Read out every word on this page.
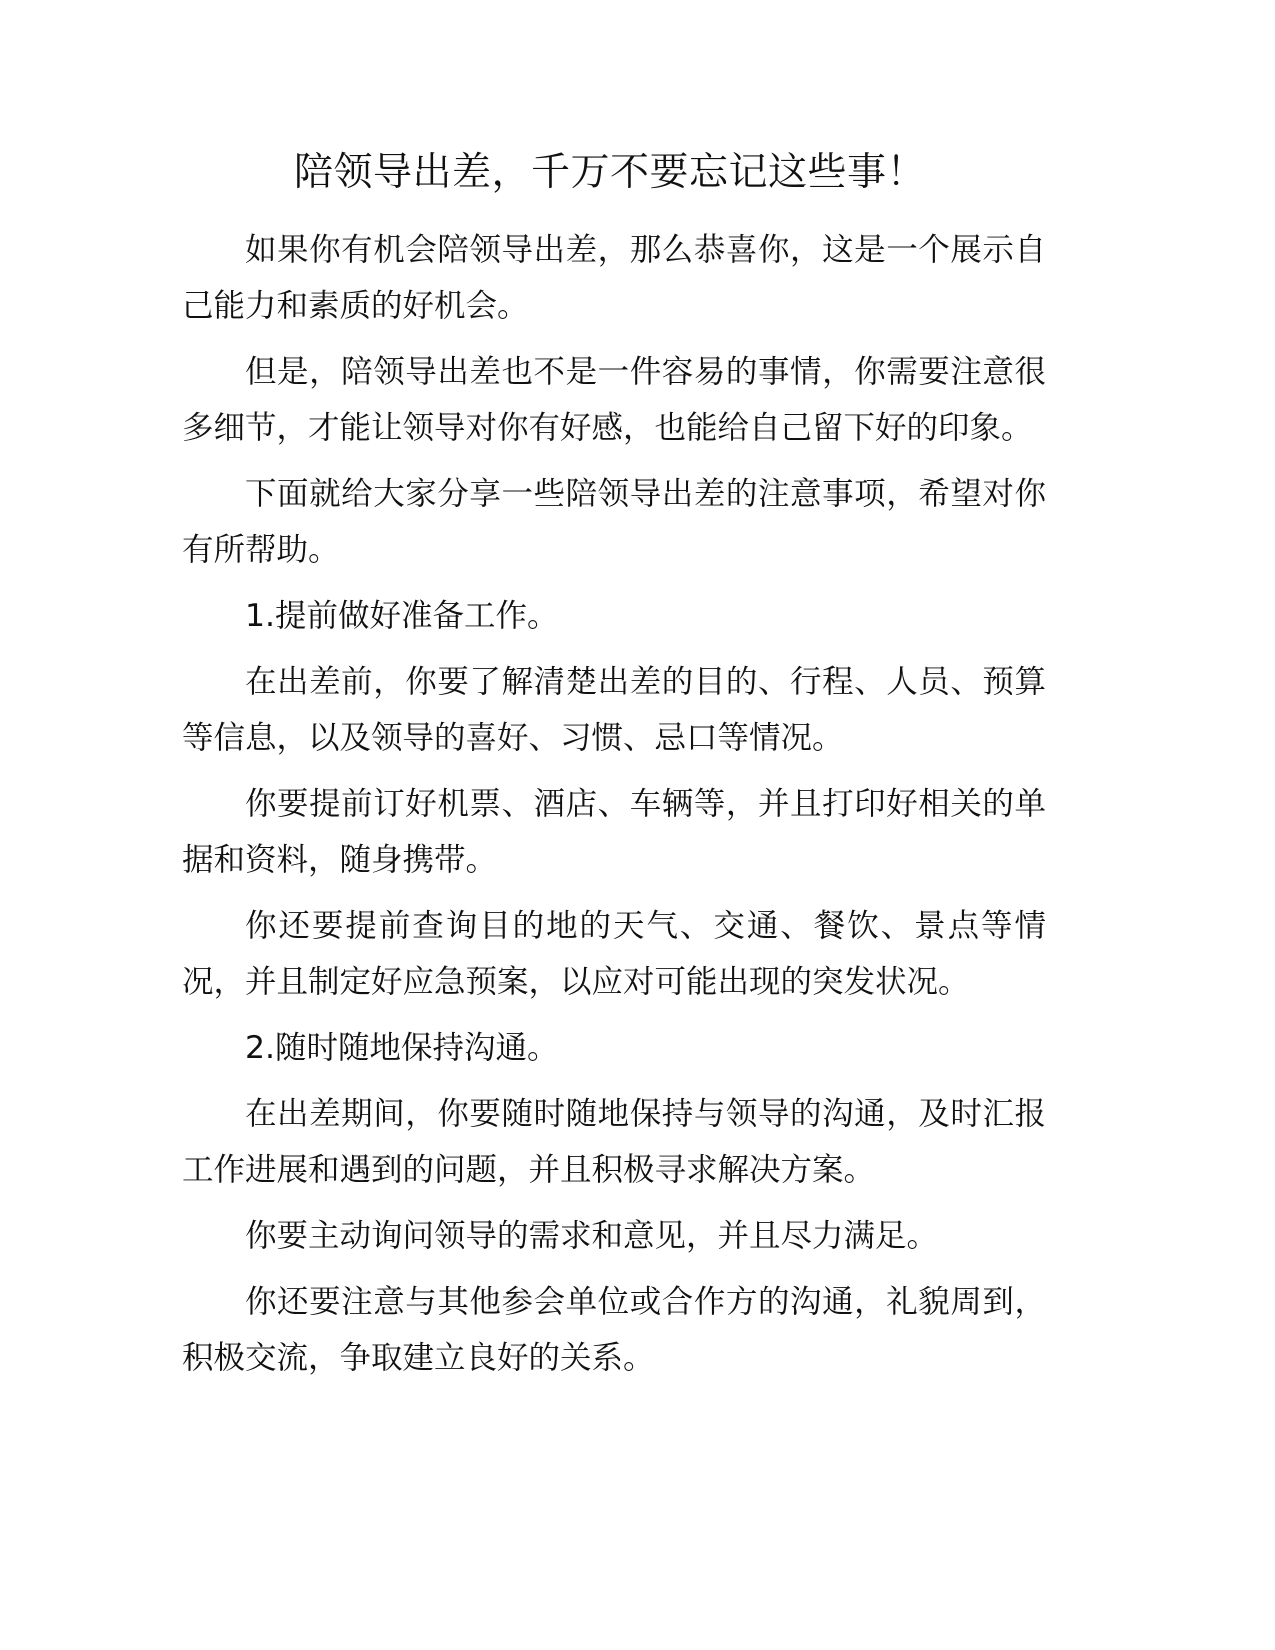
陪领导出差，千万不要忘记这些事！

如果你有机会陪领导出差，那么恭喜你，这是一个展示自己能力和素质的好机会。

但是，陪领导出差也不是一件容易的事情，你需要注意很多细节，才能让领导对你有好感，也能给自己留下好的印象。

下面就给大家分享一些陪领导出差的注意事项，希望对你有所帮助。

1.提前做好准备工作。

在出差前，你要了解清楚出差的目的、行程、人员、预算等信息，以及领导的喜好、习惯、忌口等情况。

你要提前订好机票、酒店、车辆等，并且打印好相关的单据和资料，随身携带。

你还要提前查询目的地的天气、交通、餐饮、景点等情况，并且制定好应急预案，以应对可能出现的突发状况。

2.随时随地保持沟通。

在出差期间，你要随时随地保持与领导的沟通，及时汇报工作进展和遇到的问题，并且积极寻求解决方案。

你要主动询问领导的需求和意见，并且尽力满足。

你还要注意与其他参会单位或合作方的沟通，礼貌周到，积极交流，争取建立良好的关系。
